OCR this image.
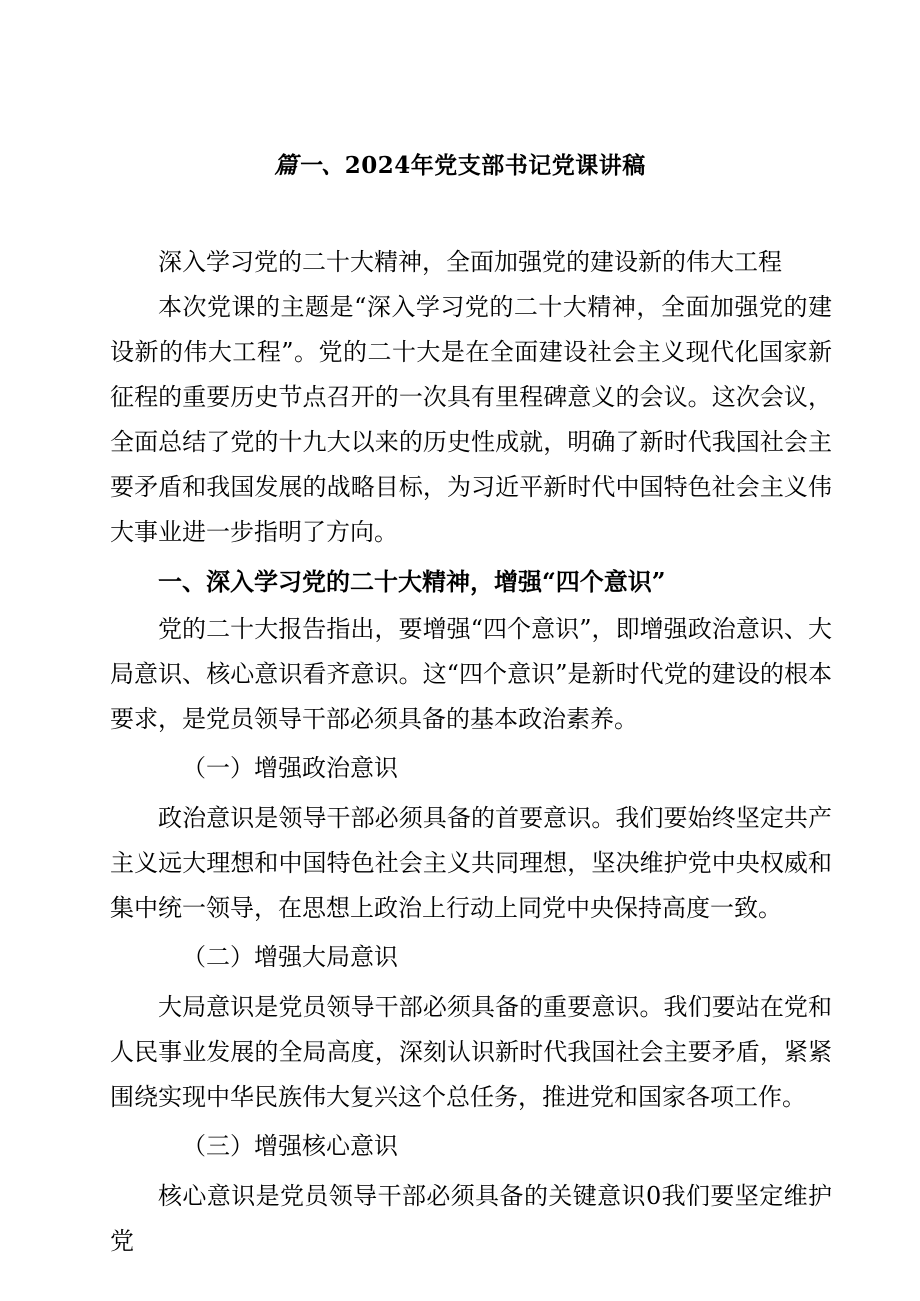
篇一、2024年党支部书记党课讲稿

深入学习党的二十大精神，全面加强党的建设新的伟大工程

本次党课的主题是“深入学习党的二十大精神，全面加强党的建设新的伟大工程”。党的二十大是在全面建设社会主义现代化国家新征程的重要历史节点召开的一次具有里程碑意义的会议。这次会议，全面总结了党的十九大以来的历史性成就，明确了新时代我国社会主要矛盾和我国发展的战略目标，为习近平新时代中国特色社会主义伟大事业进一步指明了方向。

一、深入学习党的二十大精神，增强“四个意识”

党的二十大报告指出，要增强“四个意识”，即增强政治意识、大局意识、核心意识看齐意识。这“四个意识”是新时代党的建设的根本要求，是党员领导干部必须具备的基本政治素养。

（一）增强政治意识

政治意识是领导干部必须具备的首要意识。我们要始终坚定共产主义远大理想和中国特色社会主义共同理想，坚决维护党中央权威和集中统一领导，在思想上政治上行动上同党中央保持高度一致。

（二）增强大局意识

大局意识是党员领导干部必须具备的重要意识。我们要站在党和人民事业发展的全局高度，深刻认识新时代我国社会主要矛盾，紧紧围绕实现中华民族伟大复兴这个总任务，推进党和国家各项工作。

（三）增强核心意识

核心意识是党员领导干部必须具备的关键意识0我们要坚定维护党
